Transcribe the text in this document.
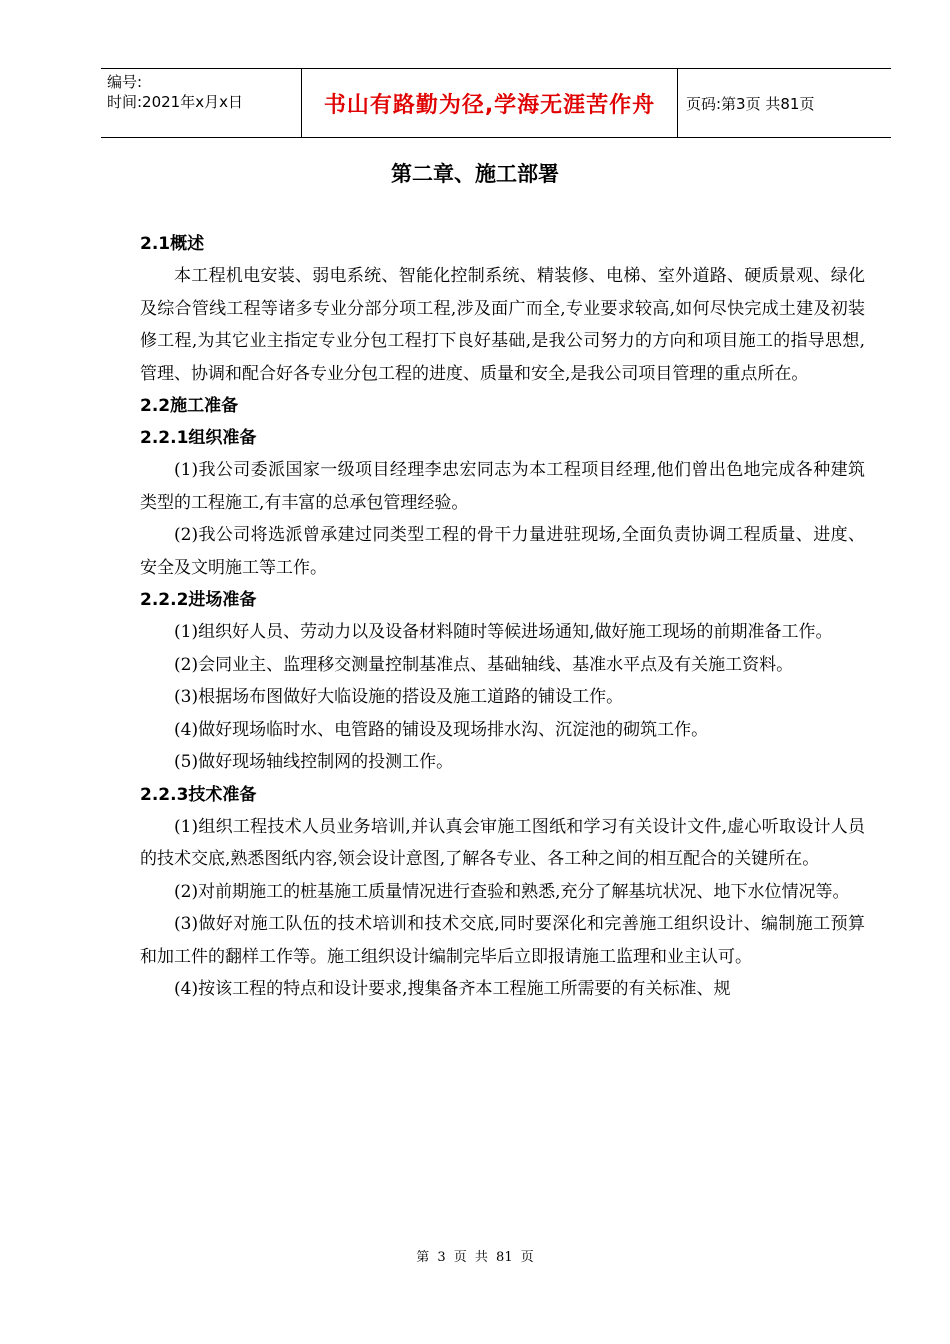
编号:
时间:2021年x月x日	书山有路勤为径,学海无涯苦作舟	页码:第3页 共81页
第二章、施工部署

2.1概述

本工程机电安装、弱电系统、智能化控制系统、精装修、电梯、室外道路、硬质景观、绿化及综合管线工程等诸多专业分部分项工程,涉及面广而全,专业要求较高,如何尽快完成土建及初装修工程,为其它业主指定专业分包工程打下良好基础,是我公司努力的方向和项目施工的指导思想,管理、协调和配合好各专业分包工程的进度、质量和安全,是我公司项目管理的重点所在。

2.2施工准备

2.2.1组织准备

(1)我公司委派国家一级项目经理李忠宏同志为本工程项目经理,他们曾出色地完成各种建筑类型的工程施工,有丰富的总承包管理经验。

(2)我公司将选派曾承建过同类型工程的骨干力量进驻现场,全面负责协调工程质量、进度、安全及文明施工等工作。

2.2.2进场准备

(1)组织好人员、劳动力以及设备材料随时等候进场通知,做好施工现场的前期准备工作。

(2)会同业主、监理移交测量控制基准点、基础轴线、基准水平点及有关施工资料。

(3)根据场布图做好大临设施的搭设及施工道路的铺设工作。

(4)做好现场临时水、电管路的铺设及现场排水沟、沉淀池的砌筑工作。

(5)做好现场轴线控制网的投测工作。

2.2.3技术准备

(1)组织工程技术人员业务培训,并认真会审施工图纸和学习有关设计文件,虚心听取设计人员的技术交底,熟悉图纸内容,领会设计意图,了解各专业、各工种之间的相互配合的关键所在。

(2)对前期施工的桩基施工质量情况进行查验和熟悉,充分了解基坑状况、地下水位情况等。

(3)做好对施工队伍的技术培训和技术交底,同时要深化和完善施工组织设计、编制施工预算和加工件的翻样工作等。施工组织设计编制完毕后立即报请施工监理和业主认可。

(4)按该工程的特点和设计要求,搜集备齐本工程施工所需要的有关标准、规

第 3 页 共 81 页
